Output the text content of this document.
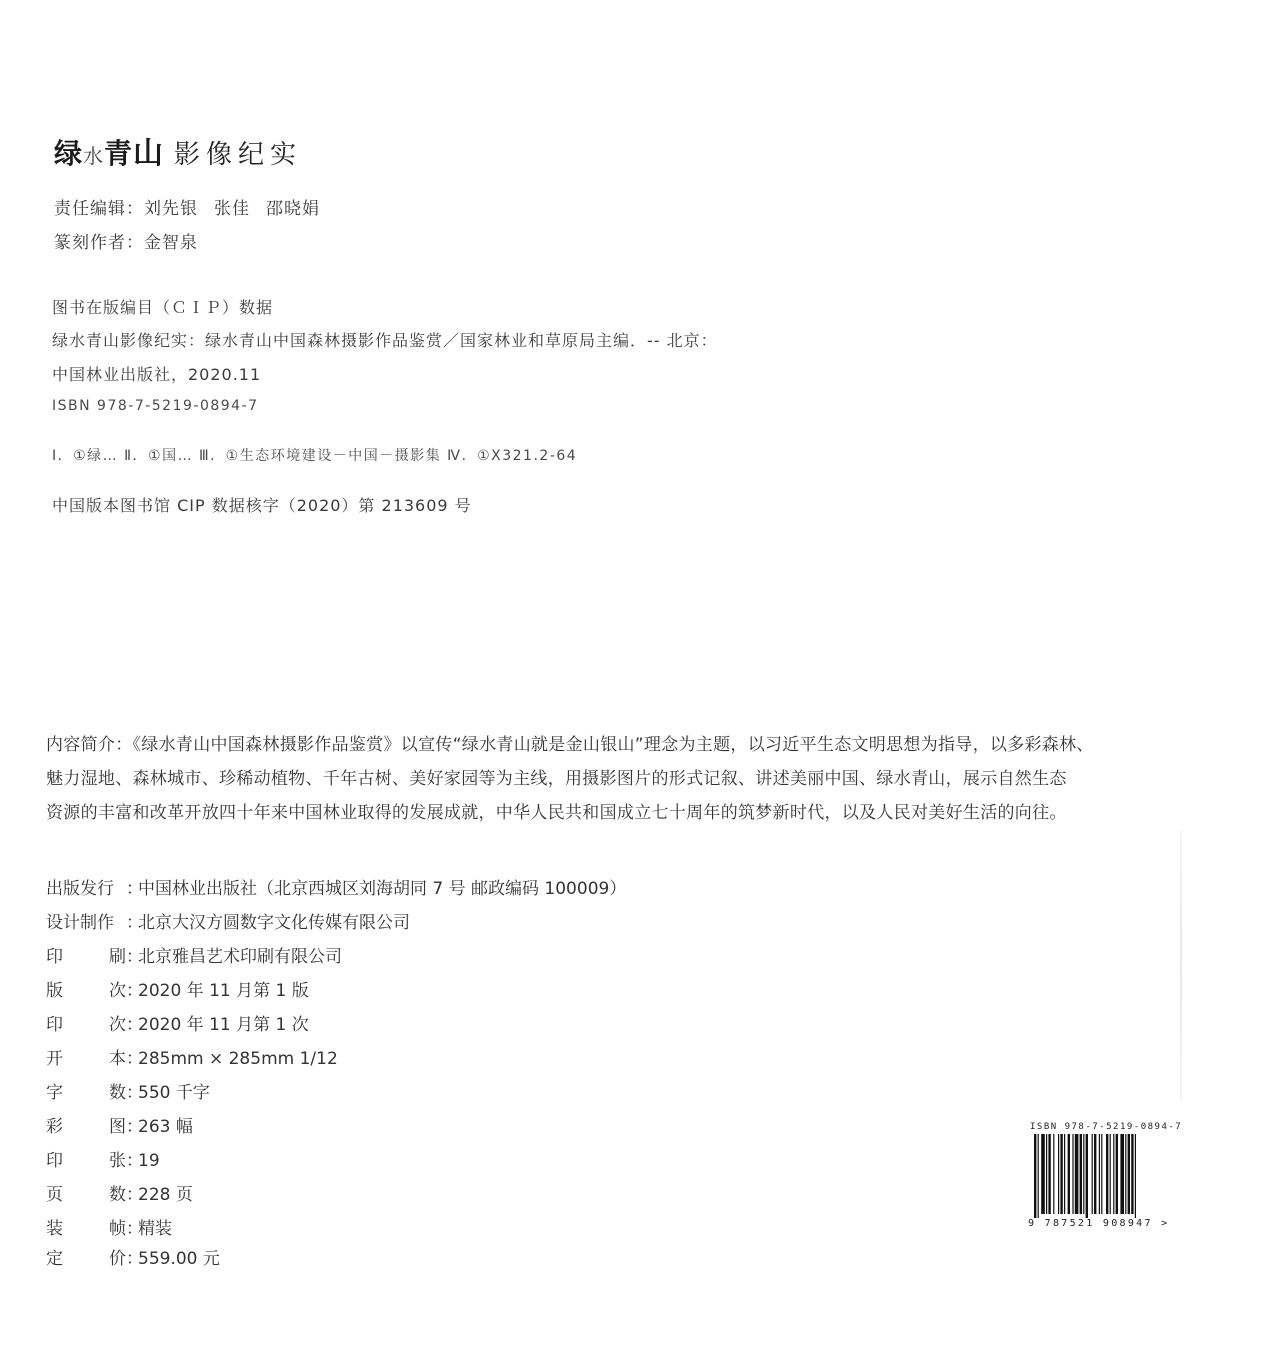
绿水青山 影像纪实
责任编辑：刘先银 张佳 邵晓娟
篆刻作者：金智泉
图书在版编目（ＣＩＰ）数据
绿水青山影像纪实：绿水青山中国森林摄影作品鉴赏／国家林业和草原局主编．-- 北京：
中国林业出版社，2020.11
ISBN 978-7-5219-0894-7
Ⅰ．①绿… Ⅱ．①国… Ⅲ．①生态环境建设－中国－摄影集 Ⅳ．①X321.2-64
中国版本图书馆 CIP 数据核字（2020）第 213609 号
内容简介：《绿水青山中国森林摄影作品鉴赏》以宣传“绿水青山就是金山银山”理念为主题，以习近平生态文明思想为指导，以多彩森林、
魅力湿地、森林城市、珍稀动植物、千年古树、美好家园等为主线，用摄影图片的形式记叙、讲述美丽中国、绿水青山，展示自然生态
资源的丰富和改革开放四十年来中国林业取得的发展成就，中华人民共和国成立七十周年的筑梦新时代，以及人民对美好生活的向往。
出版发行 ：中国林业出版社（北京西城区刘海胡同 7 号 邮政编码 100009）
设计制作 ：北京大汉方圆数字文化传媒有限公司
印	刷 ：北京雅昌艺术印刷有限公司
版	次 ：2020 年 11 月第 1 版
印	次 ：2020 年 11 月第 1 次
开	本 ：285mm × 285mm 1/12
字	数 ：550 千字
彩	图 ：263 幅
印	张 ：19
页	数 ：228 页
装	帧 ：精装
定	价 ：559.00 元
ISBN 978-7-5219-0894-7
9 787521 908947 >
